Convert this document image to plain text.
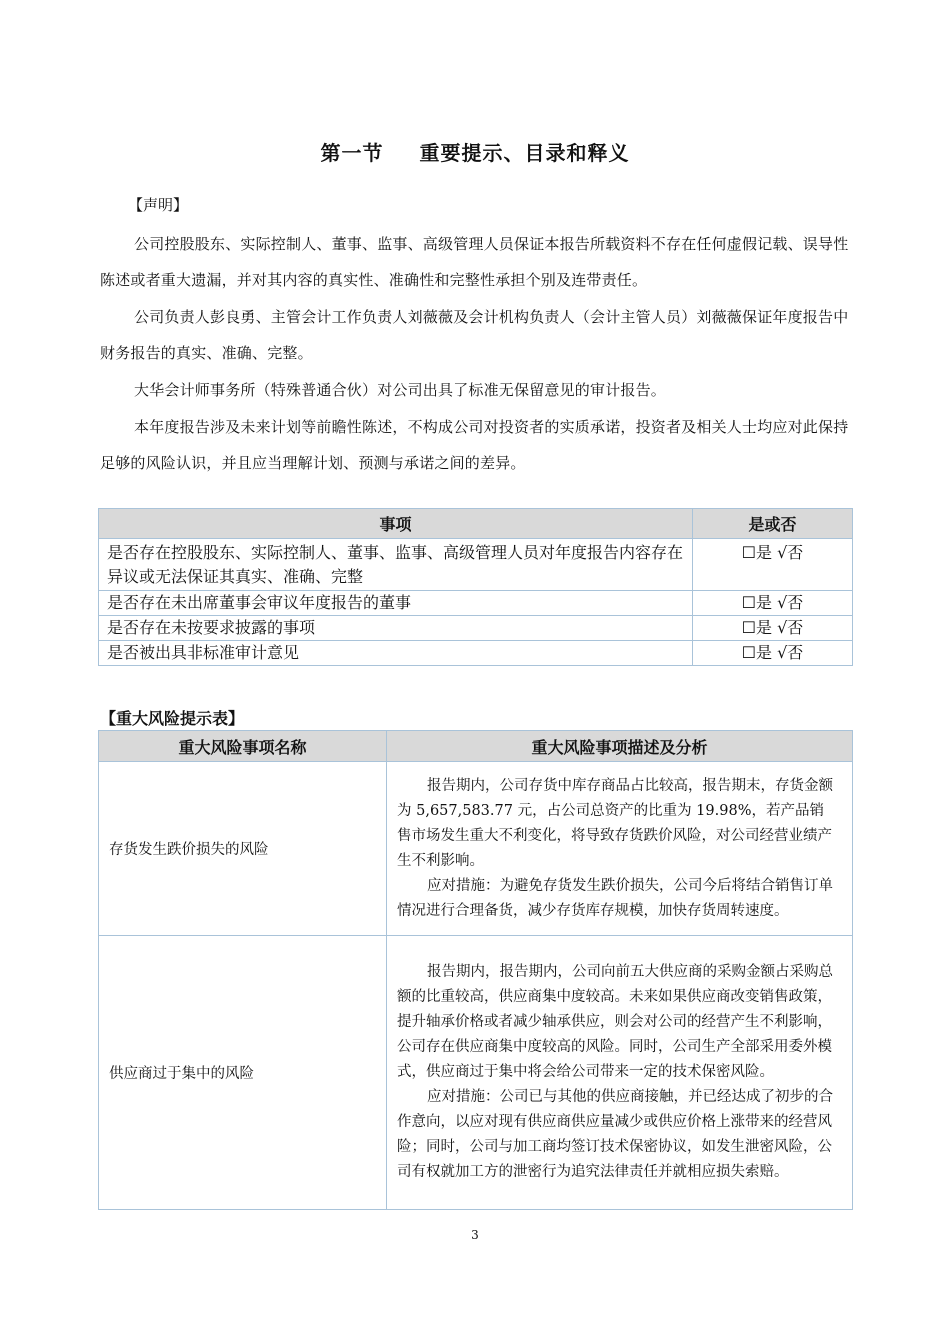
第一节 重要提示、目录和释义
【声明】

公司控股股东、实际控制人、董事、监事、高级管理人员保证本报告所载资料不存在任何虚假记载、误导性陈述或者重大遗漏，并对其内容的真实性、准确性和完整性承担个别及连带责任。

公司负责人彭良勇、主管会计工作负责人刘薇薇及会计机构负责人（会计主管人员）刘薇薇保证年度报告中财务报告的真实、准确、完整。

大华会计师事务所（特殊普通合伙）对公司出具了标准无保留意见的审计报告。

本年度报告涉及未来计划等前瞻性陈述，不构成公司对投资者的实质承诺，投资者及相关人士均应对此保持足够的风险认识，并且应当理解计划、预测与承诺之间的差异。

事项	是或否
是否存在控股股东、实际控制人、董事、监事、高级管理人员对年度报告内容存在异议或无法保证其真实、准确、完整	☐是 √否
是否存在未出席董事会审议年度报告的董事	☐是 √否
是否存在未按要求披露的事项	☐是 √否
是否被出具非标准审计意见	☐是 √否
【重大风险提示表】
重大风险事项名称	重大风险事项描述及分析
存货发生跌价损失的风险	报告期内，公司存货中库存商品占比较高，报告期末，存货金额为 5,657,583.77 元，占公司总资产的比重为 19.98%，若产品销售市场发生重大不利变化，将导致存货跌价风险，对公司经营业绩产生不利影响。

应对措施：为避免存货发生跌价损失，公司今后将结合销售订单情况进行合理备货，减少存货库存规模，加快存货周转速度。

供应商过于集中的风险	报告期内，报告期内，公司向前五大供应商的采购金额占采购总额的比重较高，供应商集中度较高。未来如果供应商改变销售政策，提升轴承价格或者减少轴承供应，则会对公司的经营产生不利影响，公司存在供应商集中度较高的风险。同时，公司生产全部采用委外模式，供应商过于集中将会给公司带来一定的技术保密风险。

应对措施：公司已与其他的供应商接触，并已经达成了初步的合作意向，以应对现有供应商供应量减少或供应价格上涨带来的经营风险；同时，公司与加工商均签订技术保密协议，如发生泄密风险，公司有权就加工方的泄密行为追究法律责任并就相应损失索赔。

3
